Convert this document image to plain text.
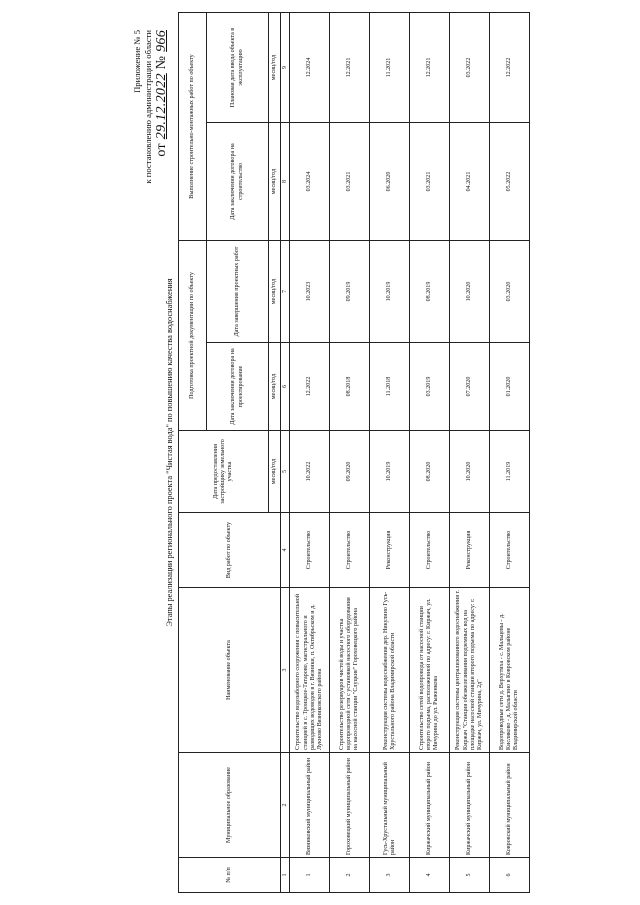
Приложение № 5 к постановлению администрации области от 29.12.2022 № 966
Этапы реализации регионального проекта "Чистая вода" по повышению качества водоснабжения
№ п/п	Муниципальное образование	Наименование объекта	Вид работ по объекту	Дата предоставления застройщику земельного участка	Подготовка проектной документации по объекту		Выполнение строительно-монтажных работ по объекту	
					Дата заключения договора на проектирование	Дата завершения проектных работ	Дата заключения договора на строительство	Плановая дата ввода объекта в эксплуатацию
				месяц/год	месяц/год	месяц/год	месяц/год	месяц/год
1	2	3	4	5	6	7	8	9
1	Вязниковский муниципальный район	Строительство водозаборного сооружения с повысительной станцией в с. Троицкое-Татарово, магистрального и разводящих водоводов в г. Вязники, п. Октябрьском и д. Лукново Вязниковского района	Строительство	10.2022	12.2022	10.2023	03.2024	12.2024
2	Гороховецкий муниципальный район	Строительство резервуаров чистой воды и участка водопроводной сети с установкой насосного оборудования на насосной станции "Слуцкие" Гороховецкого района	Строительство	09.2020	08.2018	09.2019	03.2021	12.2021
3	Гусь-Хрустальный муниципальный район	Реконструкция системы водоснабжения дер. Никулино Гусь-Хрустального района Владимирской области	Реконструкция	10.2019	11.2018	10.2019	06.2020	11.2021
4	Киржачский муниципальный район	Строительство сетей водопровода от насосной станции второго подъема, расположенной по адресу: г. Киржач, ул. Мичурина до ул. Рыженкова	Строительство	08.2020	03.2019	08.2019	03.2021	12.2021
5	Киржачский муниципальный район	Реконструкция системы централизованного водоснабжения г. Киржач "Станция обезжелезивания подземных вод на площадке насосной станции второго подъема по адресу: г. Киржач, ул. Мичурина, 2д"	Реконструкция	10.2020	07.2020	10.2020	04.2021	03.2022
6	Ковровский муниципальный район	Водопроводные сети д. Верхутиха - с. Мальцевы - д. Кисляково - д. Малыгино в Ковровском районе Владимирской области	Строительство	11.2019	01.2020	03.2020	05.2022	12.2022
